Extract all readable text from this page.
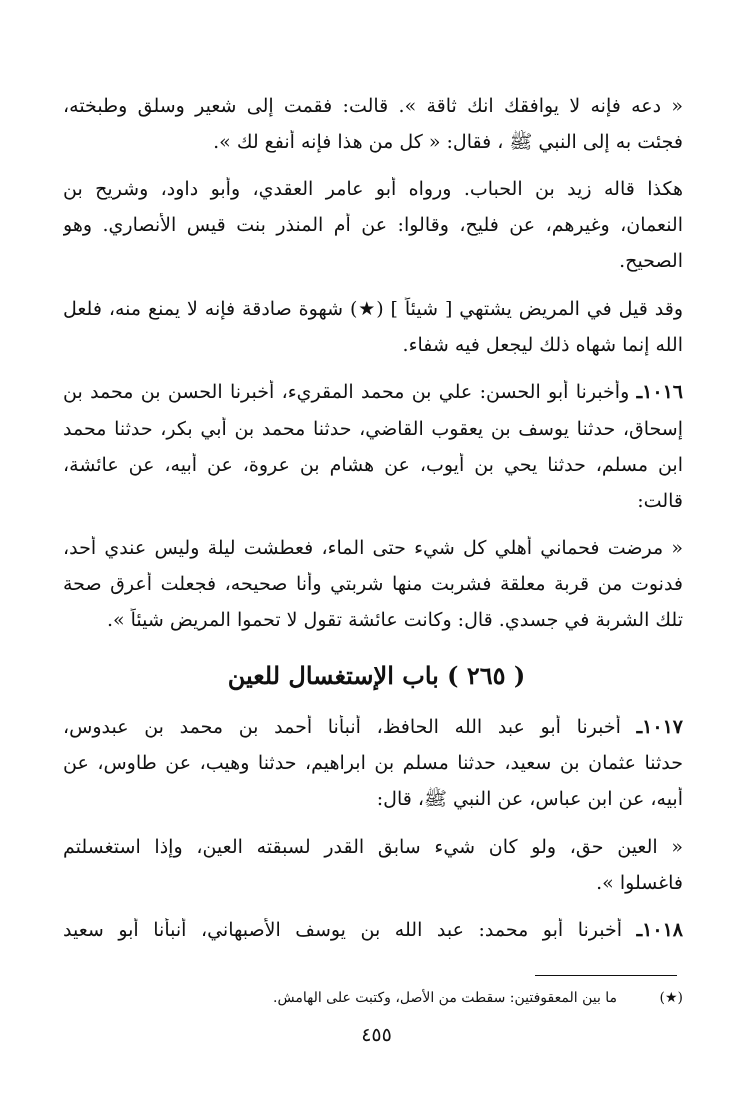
« دعه فإنه لا يوافقك انك ثاقة ». قالت: فقمت إلى شعير وسلق وطبخته،
فجئت به إلى النبي ﷺ ، فقال: « كل من هذا فإنه أنفع لك ».
هكذا قاله زيد بن الحباب. ورواه أبو عامر العقدي، وأبو داود، وشريح بن
النعمان، وغيرهم، عن فليح، وقالوا: عن أم المنذر بنت قيس الأنصاري. وهو
الصحيح.
وقد قيل في المريض يشتهي [ شيئاً ] (★) شهوة صادقة فإنه لا يمنع منه، فلعل
الله إنما شهاه ذلك ليجعل فيه شفاء.
١٠١٦ـ وأخبرنا أبو الحسن: علي بن محمد المقريء، أخبرنا الحسن بن محمد بن
إسحاق، حدثنا يوسف بن يعقوب القاضي، حدثنا محمد بن أبي بكر، حدثنا محمد
ابن مسلم، حدثنا يحي بن أيوب، عن هشام بن عروة، عن أبيه، عن عائشة،
قالت:
« مرضت فحماني أهلي كل شيء حتى الماء، فعطشت ليلة وليس عندي أحد،
فدنوت من قربة معلقة فشربت منها شربتي وأنا صحيحه، فجعلت أعرق صحة
تلك الشربة في جسدي. قال: وكانت عائشة تقول لا تحموا المريض شيئاً ».
( ٢٦٥ ) باب الإستغسال للعين
١٠١٧ـ أخبرنا أبو عبد الله الحافظ، أنبأنا أحمد بن محمد بن عبدوس،
حدثنا عثمان بن سعيد، حدثنا مسلم بن ابراهيم، حدثنا وهيب، عن طاوس، عن
أبيه، عن ابن عباس، عن النبي ﷺ، قال:
« العين حق، ولو كان شيء سابق القدر لسبقته العين، وإذا استغسلتم
فاغسلوا ».
١٠١٨ـ أخبرنا أبو محمد: عبد الله بن يوسف الأصبهاني، أنبأنا أبو سعيد
(★) ما بين المعقوفتين: سقطت من الأصل، وكتبت على الهامش.
٤٥٥
